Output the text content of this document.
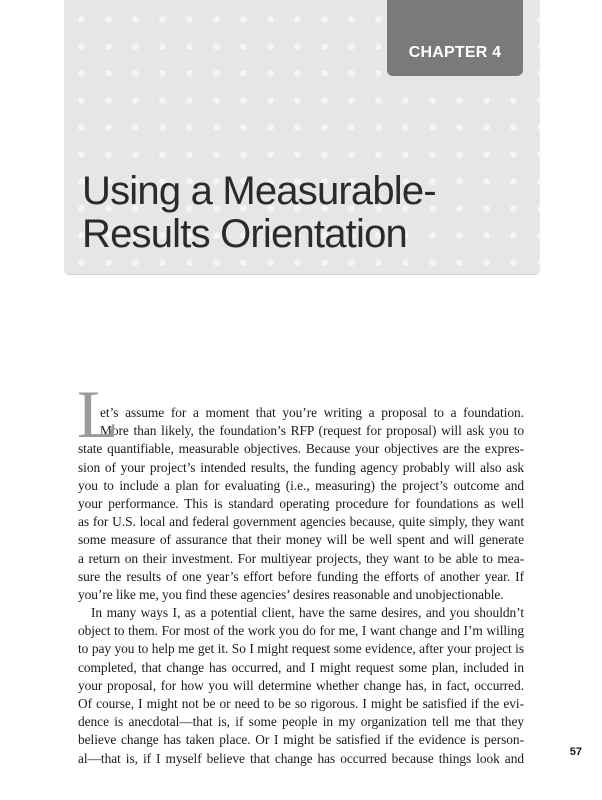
CHAPTER 4
Using a Measurable-
Results Orientation
L
et’s assume for a moment that you’re writing a proposal to a foundation.
More than likely, the foundation’s RFP (request for proposal) will ask you to
state quantifiable, measurable objectives. Because your objectives are the expres-
sion of your project’s intended results, the funding agency probably will also ask
you to include a plan for evaluating (i.e., measuring) the project’s outcome and
your performance. This is standard operating procedure for foundations as well
as for U.S. local and federal government agencies because, quite simply, they want
some measure of assurance that their money will be well spent and will generate
a return on their investment. For multiyear projects, they want to be able to mea-
sure the results of one year’s effort before funding the efforts of another year. If
you’re like me, you find these agencies’ desires reasonable and unobjectionable.
In many ways I, as a potential client, have the same desires, and you shouldn’t
object to them. For most of the work you do for me, I want change and I’m willing
to pay you to help me get it. So I might request some evidence, after your project is
completed, that change has occurred, and I might request some plan, included in
your proposal, for how you will determine whether change has, in fact, occurred.
Of course, I might not be or need to be so rigorous. I might be satisfied if the evi-
dence is anecdotal—that is, if some people in my organization tell me that they
believe change has taken place. Or I might be satisfied if the evidence is person-
al—that is, if I myself believe that change has occurred because things look and	57
